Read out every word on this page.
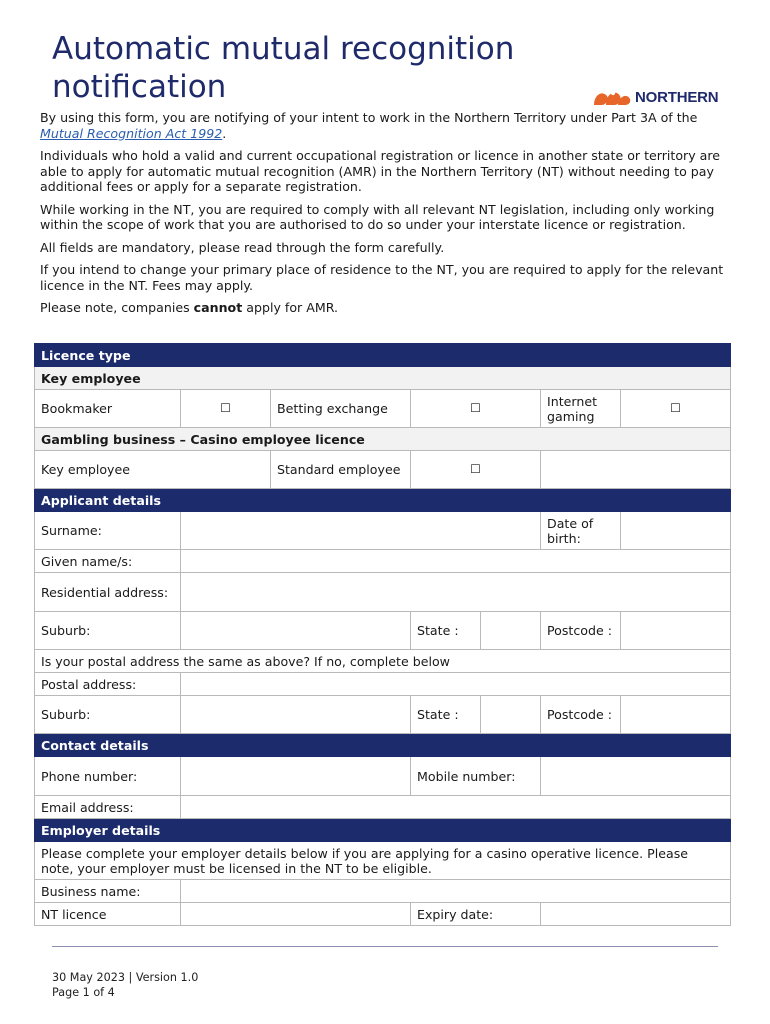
Automatic mutual recognition
notification	NORTHERN

By using this form, you are notifying of your intent to work in the Northern Territory under Part 3A of the Mutual Recognition Act 1992.

Individuals who hold a valid and current occupational registration or licence in another state or territory are able to apply for automatic mutual recognition (AMR) in the Northern Territory (NT) without needing to pay additional fees or apply for a separate registration.

While working in the NT, you are required to comply with all relevant NT legislation, including only working within the scope of work that you are authorised to do so under your interstate licence or registration.

All fields are mandatory, please read through the form carefully.

If you intend to change your primary place of residence to the NT, you are required to apply for the relevant licence in the NT. Fees may apply.

Please note, companies cannot apply for AMR.

Licence type						
Key employee						
Bookmaker	☐	Betting exchange	☐		Internet gaming	☐
Gambling business – Casino employee licence						
Key employee		Standard employee	☐			
Applicant details						
Surname:					Date of birth:	
Given name/s:						
Residential address:						
Suburb:			State :		Postcode :	
Is your postal address the same as above? If no, complete below						
Postal address:						
Suburb:			State :		Postcode :	
Contact details						
Phone number:			Mobile number:			
Email address:						
Employer details						
Please complete your employer details below if you are applying for a casino operative licence. Please note, your employer must be licensed in the NT to be eligible.						
Business name:						
NT licence			Expiry date:			
30 May 2023 | Version 1.0
Page 1 of 4
